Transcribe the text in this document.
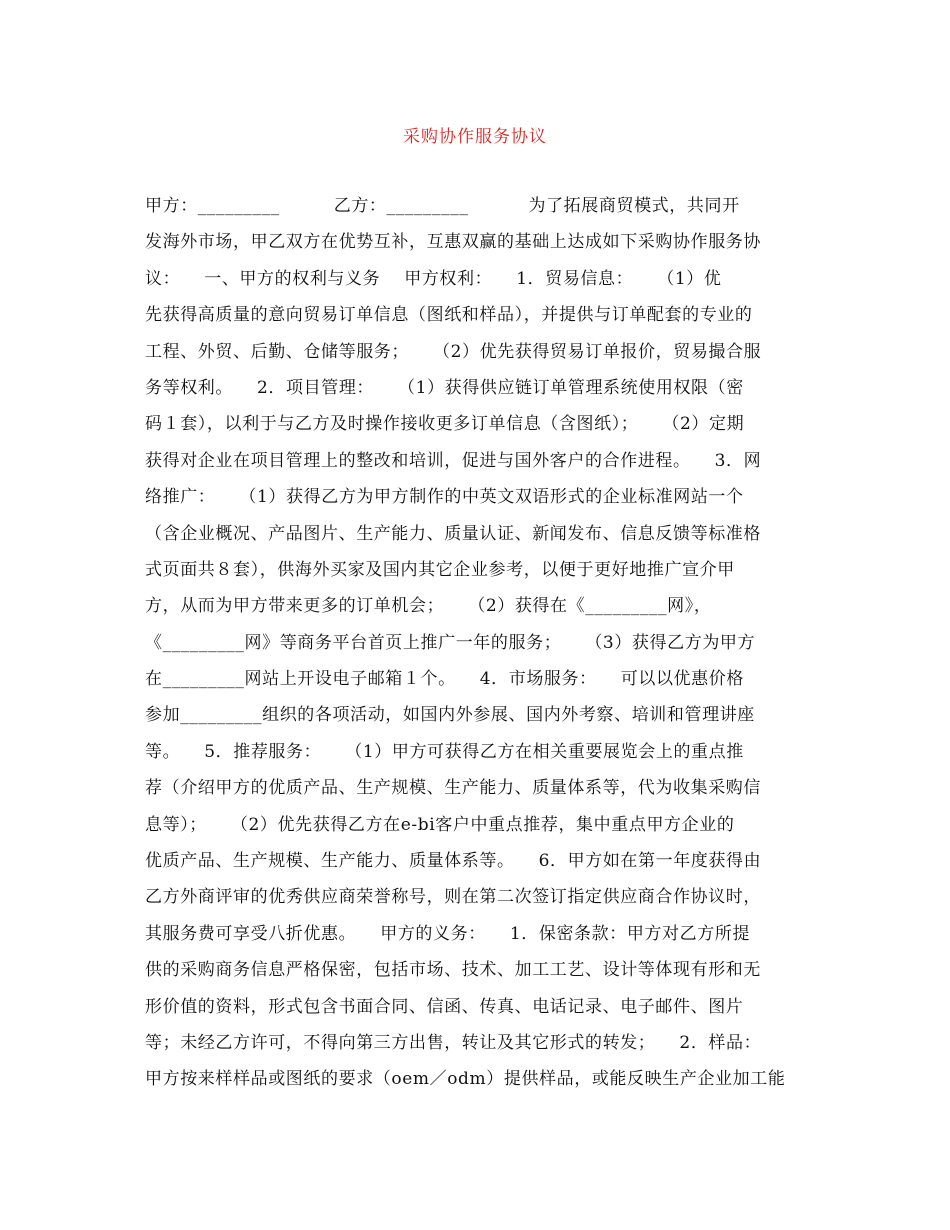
采购协作服务协议
甲方：_________         乙方：_________          为了拓展商贸模式，共同开
发海外市场，甲乙双方在优势互补，互惠双赢的基础上达成如下采购协作服务协
议：    一、甲方的权利与义务    甲方权利：    1．贸易信息：    （1）优
先获得高质量的意向贸易订单信息（图纸和样品），并提供与订单配套的专业的
工程、外贸、后勤、仓储等服务；    （2）优先获得贸易订单报价，贸易撮合服
务等权利。    2．项目管理：    （1）获得供应链订单管理系统使用权限（密
码１套），以利于与乙方及时操作接收更多订单信息（含图纸）；    （2）定期
获得对企业在项目管理上的整改和培训，促进与国外客户的合作进程。    3．网
络推广：    （1）获得乙方为甲方制作的中英文双语形式的企业标准网站一个
（含企业概况、产品图片、生产能力、质量认证、新闻发布、信息反馈等标准格
式页面共８套），供海外买家及国内其它企业参考，以便于更好地推广宣介甲
方，从而为甲方带来更多的订单机会；    （2）获得在《_________网》，
《_________网》等商务平台首页上推广一年的服务；    （3）获得乙方为甲方
在_________网站上开设电子邮箱１个。    4．市场服务：    可以以优惠价格
参加_________组织的各项活动，如国内外参展、国内外考察、培训和管理讲座
等。    5．推荐服务：    （1）甲方可获得乙方在相关重要展览会上的重点推
荐（介绍甲方的优质产品、生产规模、生产能力、质量体系等，代为收集采购信
息等）；    （2）优先获得乙方在e-bi客户中重点推荐，集中重点甲方企业的
优质产品、生产规模、生产能力、质量体系等。    6．甲方如在第一年度获得由
乙方外商评审的优秀供应商荣誉称号，则在第二次签订指定供应商合作协议时，
其服务费可享受八折优惠。    甲方的义务：    1．保密条款：甲方对乙方所提
供的采购商务信息严格保密，包括市场、技术、加工工艺、设计等体现有形和无
形价值的资料，形式包含书面合同、信函、传真、电话记录、电子邮件、图片
等；未经乙方许可，不得向第三方出售，转让及其它形式的转发；    2．样品：
甲方按来样样品或图纸的要求（oem／odm）提供样品，或能反映生产企业加工能
